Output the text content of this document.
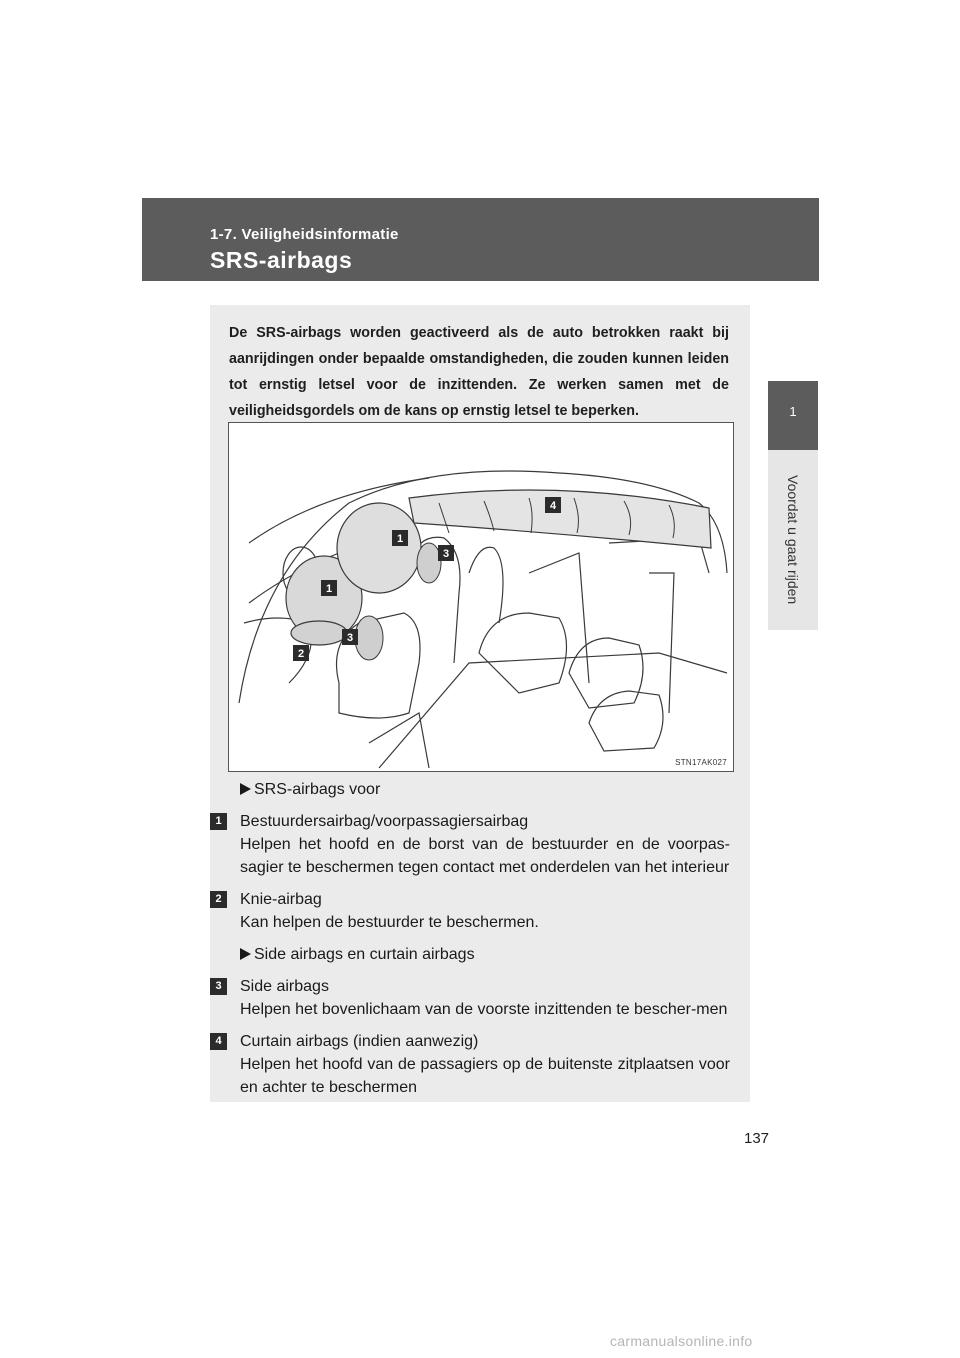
1-7. Veiligheidsinformatie
SRS-airbags
1
Voordat u gaat rijden
De SRS-airbags worden geactiveerd als de auto betrokken raakt bij aanrijdingen onder bepaalde omstandigheden, die zouden kunnen leiden tot ernstig letsel voor de inzittenden. Ze werken samen met de veiligheidsgordels om de kans op ernstig letsel te beperken.
1
1
2
3
3
4
STN17AK027
SRS-airbags voor
1	Bestuurdersairbag/voorpassagiersairbag
Helpen het hoofd en de borst van de bestuurder en de voorpas-sagier te beschermen tegen contact met onderdelen van het interieur
2	Knie-airbag
Kan helpen de bestuurder te beschermen.
Side airbags en curtain airbags
3	Side airbags
Helpen het bovenlichaam van de voorste inzittenden te bescher-men
4	Curtain airbags (indien aanwezig)
Helpen het hoofd van de passagiers op de buitenste zitplaatsen voor en achter te beschermen
137
carmanualsonline.info
